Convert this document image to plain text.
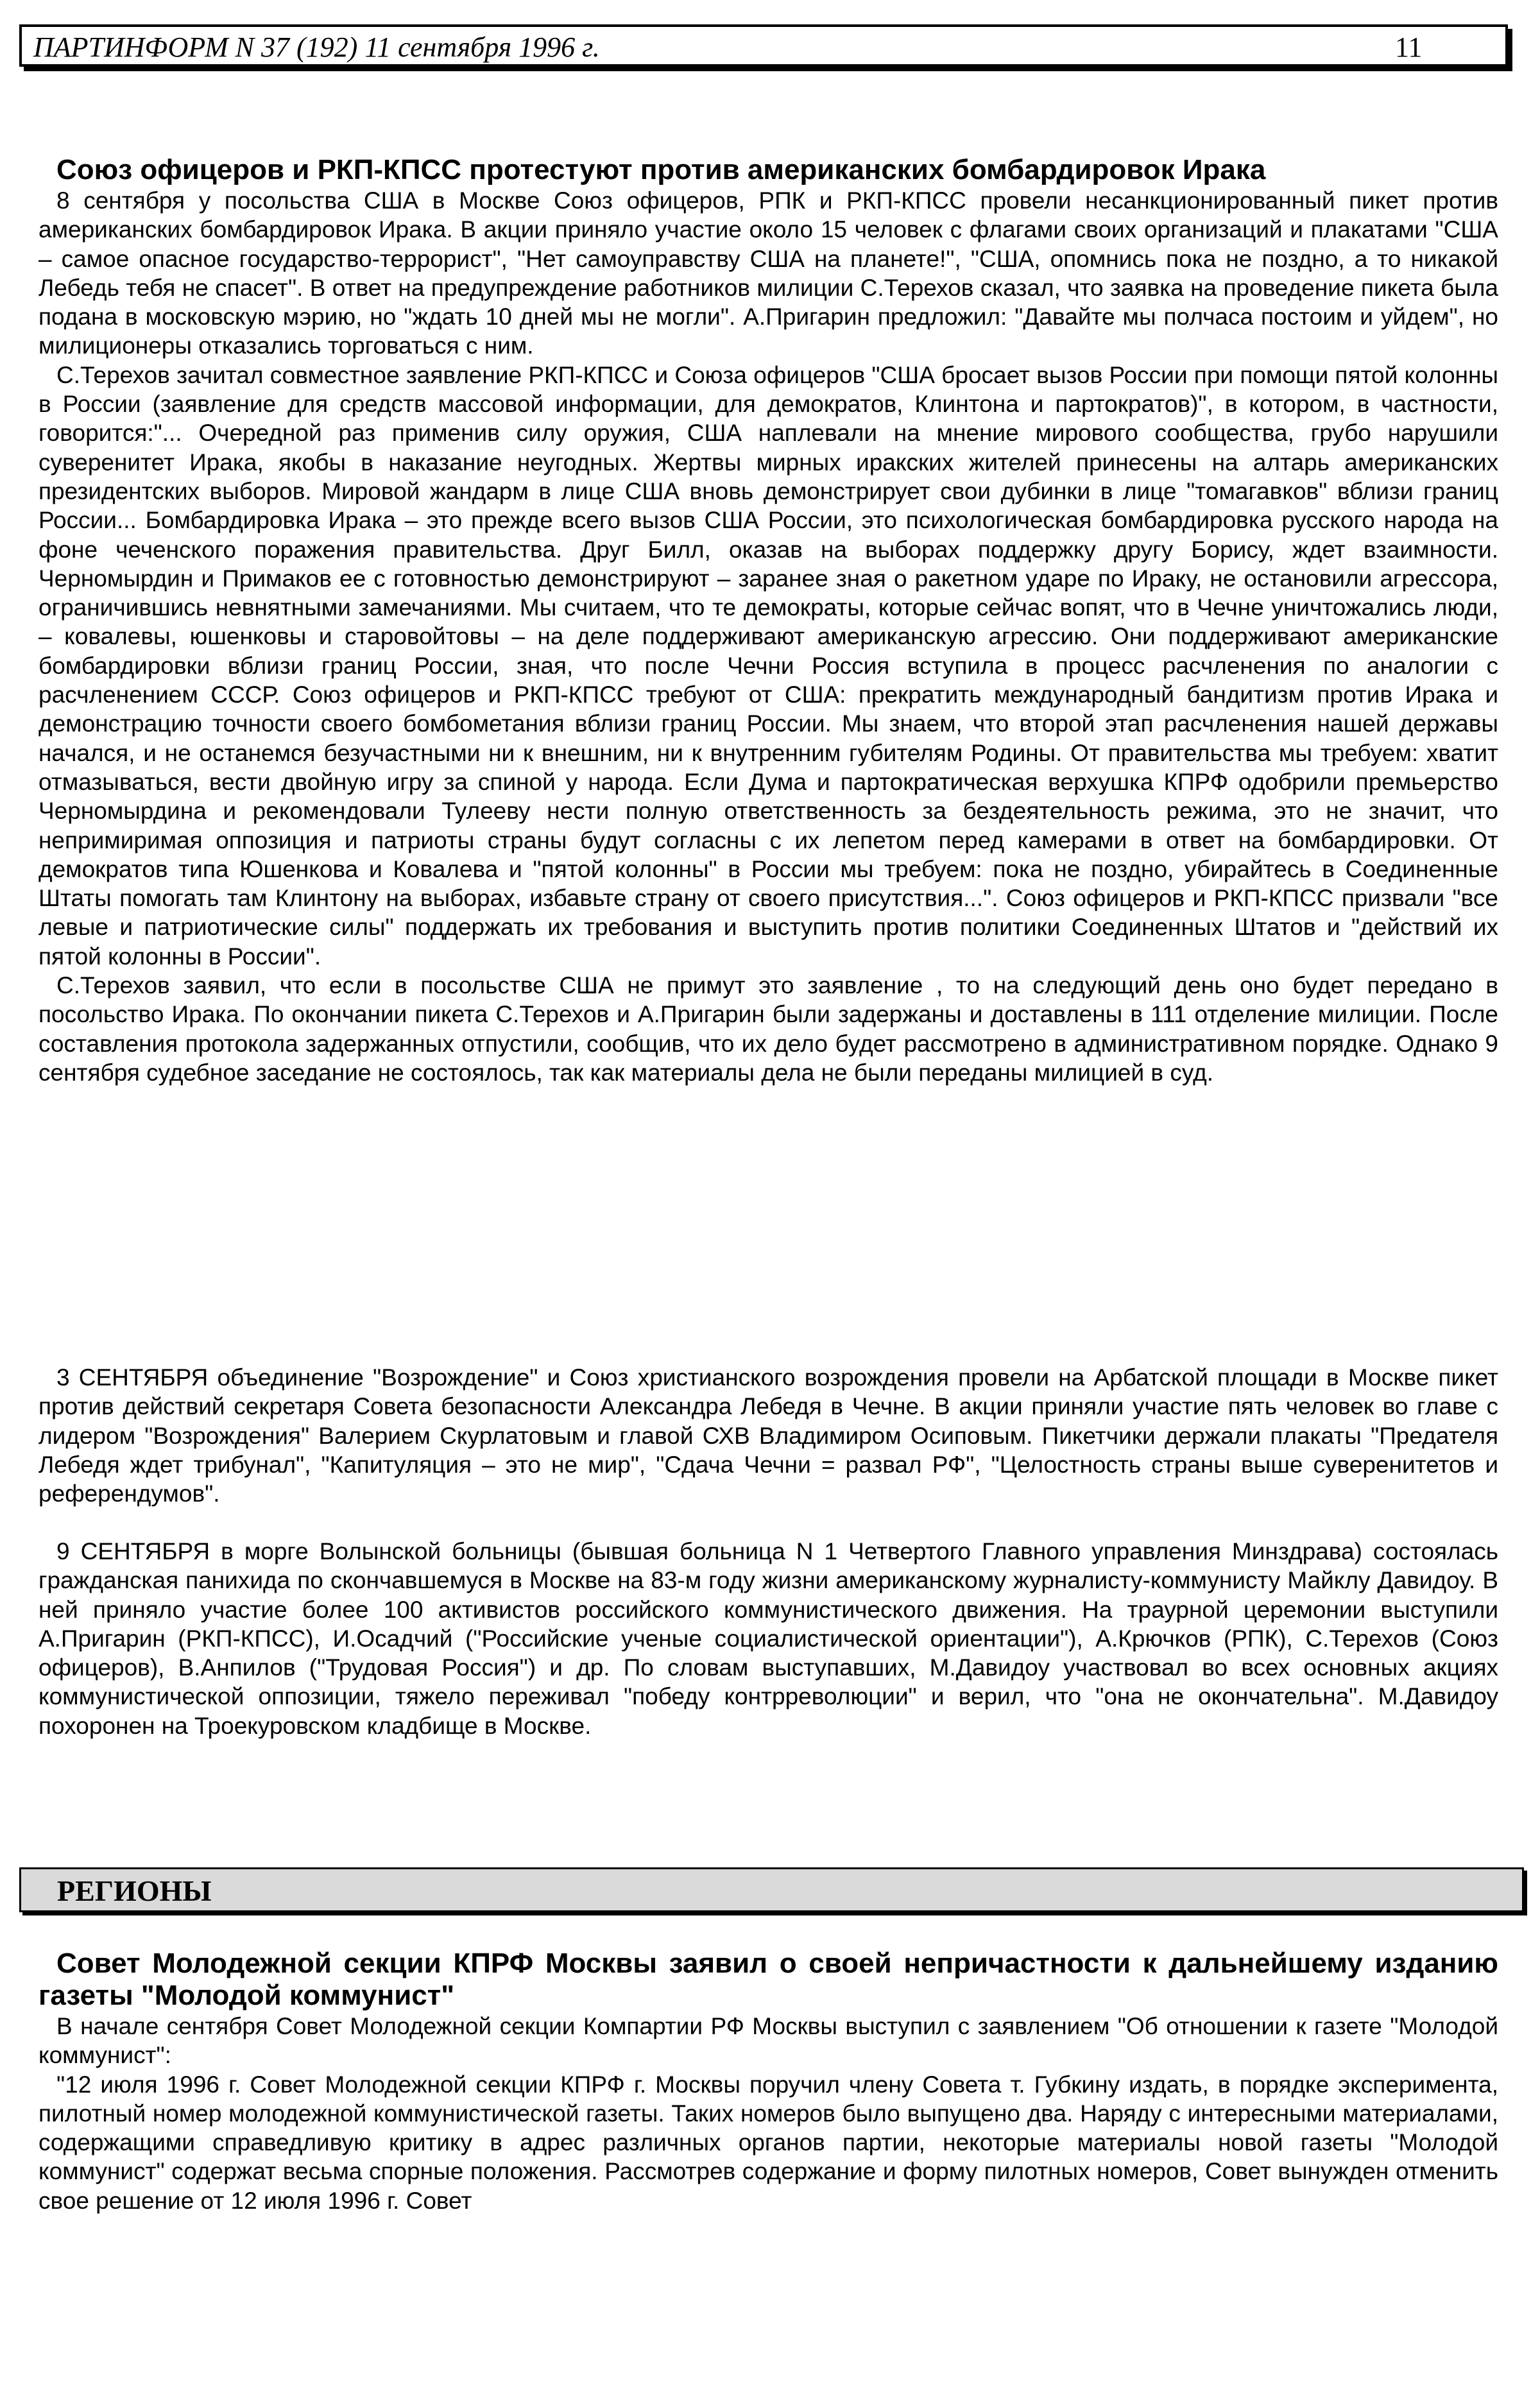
ПАРТИНФОРМ N 37 (192) 11 сентября 1996 г.	11
Союз офицеров и РКП-КПСС протестуют против американских бомбардировок Ирака

8 сентября у посольства США в Москве Союз офицеров, РПК и РКП-КПСС провели несанкционированный пикет против американских бомбардировок Ирака. В акции приняло участие около 15 человек с флагами своих организаций и плакатами "США – самое опасное государство-террорист", "Нет самоуправству США на планете!", "США, опомнись пока не поздно, а то никакой Лебедь тебя не спасет". В ответ на предупреждение работников милиции С.Терехов сказал, что заявка на проведение пикета была подана в московскую мэрию, но "ждать 10 дней мы не могли". А.Пригарин предложил: "Давайте мы полчаса постоим и уйдем", но милиционеры отказались торговаться с ним.

С.Терехов зачитал совместное заявление РКП-КПСС и Союза офицеров "США бросает вызов России при помощи пятой колонны в России (заявление для средств массовой информации, для демократов, Клинтона и партократов)", в котором, в частности, говорится:"... Очередной раз применив силу оружия, США наплевали на мнение мирового сообщества, грубо нарушили суверенитет Ирака, якобы в наказание неугодных. Жертвы мирных иракских жителей принесены на алтарь американских президентских выборов. Мировой жандарм в лице США вновь демонстрирует свои дубинки в лице "томагавков" вблизи границ России... Бомбардировка Ирака – это прежде всего вызов США России, это психологическая бомбардировка русского народа на фоне чеченского поражения правительства. Друг Билл, оказав на выборах поддержку другу Борису, ждет взаимности. Черномырдин и Примаков ее с готовностью демонстрируют – заранее зная о ракетном ударе по Ираку, не остановили агрессора, ограничившись невнятными замечаниями. Мы считаем, что те демократы, которые сейчас вопят, что в Чечне уничтожались люди, – ковалевы, юшенковы и старовойтовы – на деле поддерживают американскую агрессию. Они поддерживают американские бомбардировки вблизи границ России, зная, что после Чечни Россия вступила в процесс расчленения по аналогии с расчленением СССР. Союз офицеров и РКП-КПСС требуют от США: прекратить международный бандитизм против Ирака и демонстрацию точности своего бомбометания вблизи границ России. Мы знаем, что второй этап расчленения нашей державы начался, и не останемся безучастными ни к внешним, ни к внутренним губителям Родины. От правительства мы требуем: хватит отмазываться, вести двойную игру за спиной у народа. Если Дума и партократическая верхушка КПРФ одобрили премьерство Черномырдина и рекомендовали Тулееву нести полную ответственность за бездеятельность режима, это не значит, что непримиримая оппозиция и патриоты страны будут согласны с их лепетом перед камерами в ответ на бомбардировки. От демократов типа Юшенкова и Ковалева и "пятой колонны" в России мы требуем: пока не поздно, убирайтесь в Соединенные Штаты помогать там Клинтону на выборах, избавьте страну от своего присутствия...". Союз офицеров и РКП-КПСС призвали "все левые и патриотические силы" поддержать их требования и выступить против политики Соединенных Штатов и "действий их пятой колонны в России".

С.Терехов заявил, что если в посольстве США не примут это заявление , то на следующий день оно будет передано в посольство Ирака. По окончании пикета С.Терехов и А.Пригарин были задержаны и доставлены в 111 отделение милиции. После составления протокола задержанных отпустили, сообщив, что их дело будет рассмотрено в административном порядке. Однако 9 сентября судебное заседание не состоялось, так как материалы дела не были переданы милицией в суд.

3 СЕНТЯБРЯ объединение "Возрождение" и Союз христианского возрождения провели на Арбатской площади в Москве пикет против действий секретаря Совета безопасности Александра Лебедя в Чечне. В акции приняли участие пять человек во главе с лидером "Возрождения" Валерием Скурлатовым и главой СХВ Владимиром Осиповым. Пикетчики держали плакаты "Предателя Лебедя ждет трибунал", "Капитуляция – это не мир", "Сдача Чечни = развал РФ", "Целостность страны выше суверенитетов и референдумов".

9 СЕНТЯБРЯ в морге Волынской больницы (бывшая больница N 1 Четвертого Главного управления Минздрава) состоялась гражданская панихида по скончавшемуся в Москве на 83-м году жизни американскому журналисту-коммунисту Майклу Давидоу. В ней приняло участие более 100 активистов российского коммунистического движения. На траурной церемонии выступили А.Пригарин (РКП-КПСС), И.Осадчий ("Российские ученые социалистической ориентации"), А.Крючков (РПК), С.Терехов (Союз офицеров), В.Анпилов ("Трудовая Россия") и др. По словам выступавших, М.Давидоу участвовал во всех основных акциях коммунистической оппозиции, тяжело переживал "победу контрреволюции" и верил, что "она не окончательна". М.Давидоу похоронен на Троекуровском кладбище в Москве.

РЕГИОНЫ
Совет Молодежной секции КПРФ Москвы заявил о своей непричастности к дальнейшему изданию газеты "Молодой коммунист"

В начале сентября Совет Молодежной секции Компартии РФ Москвы выступил с заявлением "Об отношении к газете "Молодой коммунист":

"12 июля 1996 г. Совет Молодежной секции КПРФ г. Москвы поручил члену Совета т. Губкину издать, в порядке эксперимента, пилотный номер молодежной коммунистической газеты. Таких номеров было выпущено два. Наряду с интересными материалами, содержащими справедливую критику в адрес различных органов партии, некоторые материалы новой газеты "Молодой коммунист" содержат весьма спорные положения. Рассмотрев содержание и форму пилотных номеров, Совет вынужден отменить свое решение от 12 июля 1996 г. Совет
